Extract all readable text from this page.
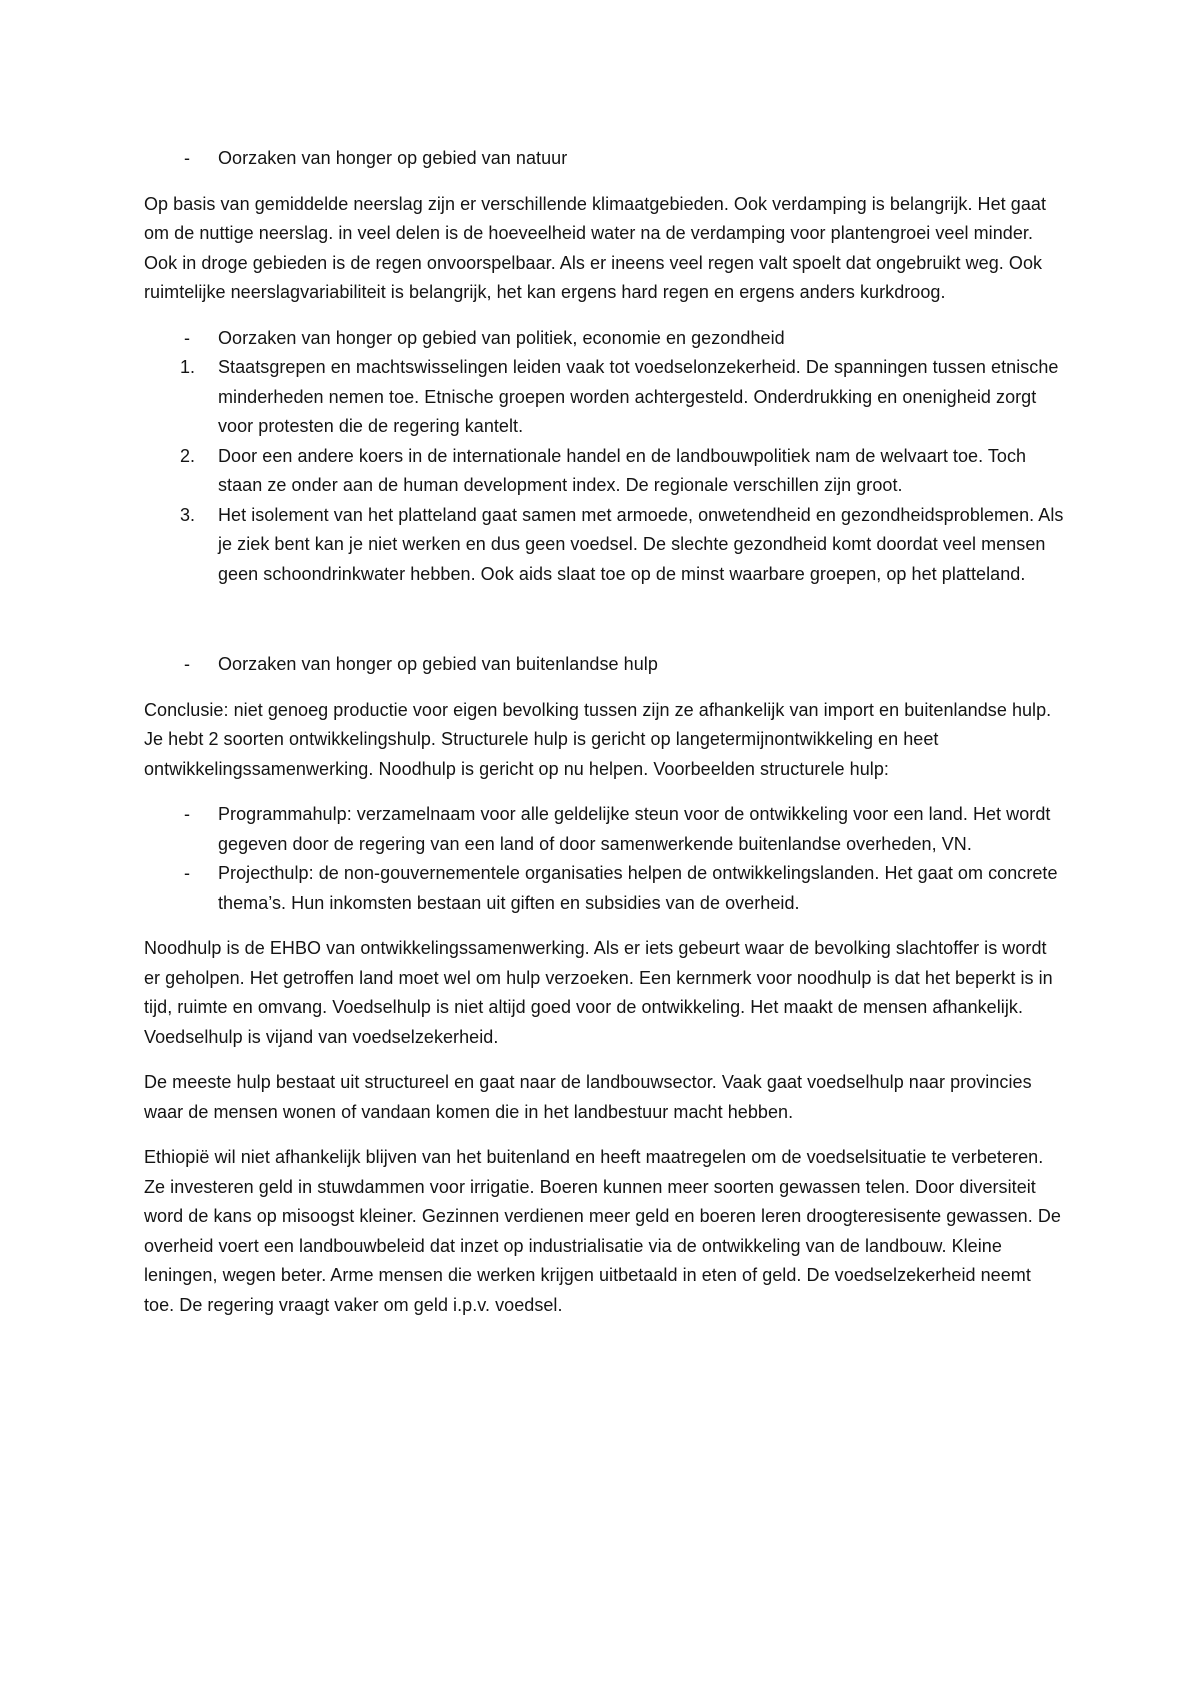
- Oorzaken van honger op gebied van natuur

Op basis van gemiddelde neerslag zijn er verschillende klimaatgebieden. Ook verdamping is belangrijk. Het gaat om de nuttige neerslag. in veel delen is de hoeveelheid water na de verdamping voor plantengroei veel minder. Ook in droge gebieden is de regen onvoorspelbaar. Als er ineens veel regen valt spoelt dat ongebruikt weg. Ook ruimtelijke neerslagvariabiliteit is belangrijk, het kan ergens hard regen en ergens anders kurkdroog.

- Oorzaken van honger op gebied van politiek, economie en gezondheid
1. Staatsgrepen en machtswisselingen leiden vaak tot voedselonzekerheid. De spanningen tussen etnische minderheden nemen toe. Etnische groepen worden achtergesteld. Onderdrukking en onenigheid zorgt voor protesten die de regering kantelt.
2. Door een andere koers in de internationale handel en de landbouwpolitiek nam de welvaart toe. Toch staan ze onder aan de human development index. De regionale verschillen zijn groot.
3. Het isolement van het platteland gaat samen met armoede, onwetendheid en gezondheidsproblemen. Als je ziek bent kan je niet werken en dus geen voedsel. De slechte gezondheid komt doordat veel mensen geen schoondrinkwater hebben. Ook aids slaat toe op de minst waarbare groepen, op het platteland.
- Oorzaken van honger op gebied van buitenlandse hulp

Conclusie: niet genoeg productie voor eigen bevolking tussen zijn ze afhankelijk van import en buitenlandse hulp. Je hebt 2 soorten ontwikkelingshulp. Structurele hulp is gericht op langetermijnontwikkeling en heet ontwikkelingssamenwerking. Noodhulp is gericht op nu helpen. Voorbeelden structurele hulp:

- Programmahulp: verzamelnaam voor alle geldelijke steun voor de ontwikkeling voor een land. Het wordt gegeven door de regering van een land of door samenwerkende buitenlandse overheden, VN.
- Projecthulp: de non-gouvernementele organisaties helpen de ontwikkelingslanden. Het gaat om concrete thema’s. Hun inkomsten bestaan uit giften en subsidies van de overheid.

Noodhulp is de EHBO van ontwikkelingssamenwerking. Als er iets gebeurt waar de bevolking slachtoffer is wordt er geholpen. Het getroffen land moet wel om hulp verzoeken. Een kernmerk voor noodhulp is dat het beperkt is in tijd, ruimte en omvang. Voedselhulp is niet altijd goed voor de ontwikkeling. Het maakt de mensen afhankelijk. Voedselhulp is vijand van voedselzekerheid.

De meeste hulp bestaat uit structureel en gaat naar de landbouwsector. Vaak gaat voedselhulp naar provincies waar de mensen wonen of vandaan komen die in het landbestuur macht hebben.

Ethiopië wil niet afhankelijk blijven van het buitenland en heeft maatregelen om de voedselsituatie te verbeteren. Ze investeren geld in stuwdammen voor irrigatie. Boeren kunnen meer soorten gewassen telen. Door diversiteit word de kans op misoogst kleiner. Gezinnen verdienen meer geld en boeren leren droogteresisente gewassen. De overheid voert een landbouwbeleid dat inzet op industrialisatie via de ontwikkeling van de landbouw. Kleine leningen, wegen beter. Arme mensen die werken krijgen uitbetaald in eten of geld. De voedselzekerheid neemt toe. De regering vraagt vaker om geld i.p.v. voedsel.
